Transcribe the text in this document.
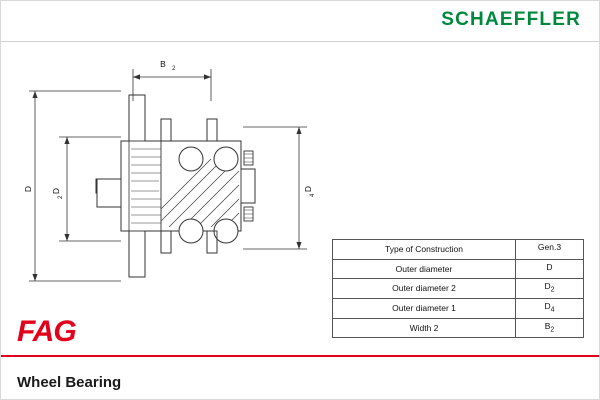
SCHAEFFLER
B 2
D D
2
D
4
Type of Construction	Gen.3
Outer diameter	D
Outer diameter 2	$D_2$
Outer diameter 1	$D_4$
Width 2	$B_2$
FAG
Wheel Bearing
